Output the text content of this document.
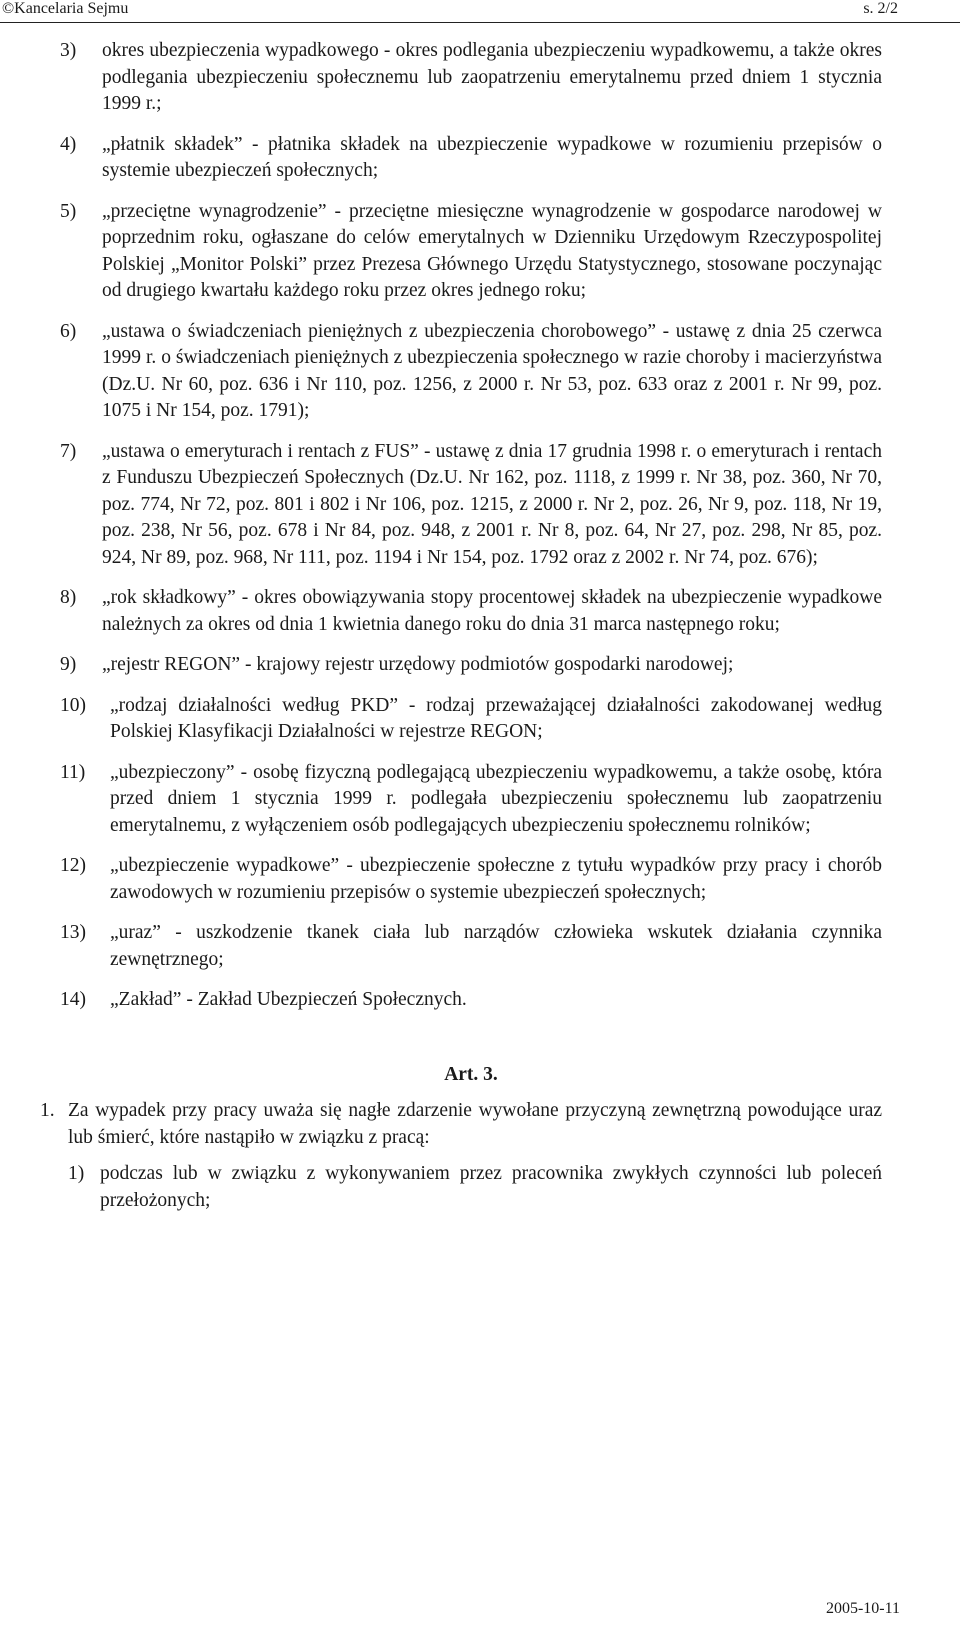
©Kancelaria Sejmu	s. 2/2
3) okres ubezpieczenia wypadkowego - okres podlegania ubezpieczeniu wypadkowemu, a także okres podlegania ubezpieczeniu społecznemu lub zaopatrzeniu emerytalnemu przed dniem 1 stycznia 1999 r.;
4) „płatnik składek” - płatnika składek na ubezpieczenie wypadkowe w rozumieniu przepisów o systemie ubezpieczeń społecznych;
5) „przeciętne wynagrodzenie” - przeciętne miesięczne wynagrodzenie w gospodarce narodowej w poprzednim roku, ogłaszane do celów emerytalnych w Dzienniku Urzędowym Rzeczypospolitej Polskiej „Monitor Polski” przez Prezesa Głównego Urzędu Statystycznego, stosowane poczynając od drugiego kwartału każdego roku przez okres jednego roku;
6) „ustawa o świadczeniach pieniężnych z ubezpieczenia chorobowego” - ustawę z dnia 25 czerwca 1999 r. o świadczeniach pieniężnych z ubezpieczenia społecznego w razie choroby i macierzyństwa (Dz.U. Nr 60, poz. 636 i Nr 110, poz. 1256, z 2000 r. Nr 53, poz. 633 oraz z 2001 r. Nr 99, poz. 1075 i Nr 154, poz. 1791);
7) „ustawa o emeryturach i rentach z FUS” - ustawę z dnia 17 grudnia 1998 r. o emeryturach i rentach z Funduszu Ubezpieczeń Społecznych (Dz.U. Nr 162, poz. 1118, z 1999 r. Nr 38, poz. 360, Nr 70, poz. 774, Nr 72, poz. 801 i 802 i Nr 106, poz. 1215, z 2000 r. Nr 2, poz. 26, Nr 9, poz. 118, Nr 19, poz. 238, Nr 56, poz. 678 i Nr 84, poz. 948, z 2001 r. Nr 8, poz. 64, Nr 27, poz. 298, Nr 85, poz. 924, Nr 89, poz. 968, Nr 111, poz. 1194 i Nr 154, poz. 1792 oraz z 2002 r. Nr 74, poz. 676);
8) „rok składkowy” - okres obowiązywania stopy procentowej składek na ubezpieczenie wypadkowe należnych za okres od dnia 1 kwietnia danego roku do dnia 31 marca następnego roku;
9) „rejestr REGON” - krajowy rejestr urzędowy podmiotów gospodarki narodowej;
10) „rodzaj działalności według PKD” - rodzaj przeważającej działalności zakodowanej według Polskiej Klasyfikacji Działalności w rejestrze REGON;
11) „ubezpieczony” - osobę fizyczną podlegającą ubezpieczeniu wypadkowemu, a także osobę, która przed dniem 1 stycznia 1999 r. podlegała ubezpieczeniu społecznemu lub zaopatrzeniu emerytalnemu, z wyłączeniem osób podlegających ubezpieczeniu społecznemu rolników;
12) „ubezpieczenie wypadkowe” - ubezpieczenie społeczne z tytułu wypadków przy pracy i chorób zawodowych w rozumieniu przepisów o systemie ubezpieczeń społecznych;
13) „uraz” - uszkodzenie tkanek ciała lub narządów człowieka wskutek działania czynnika zewnętrznego;
14) „Zakład” - Zakład Ubezpieczeń Społecznych.
Art. 3.
1. Za wypadek przy pracy uważa się nagłe zdarzenie wywołane przyczyną zewnętrzną powodujące uraz lub śmierć, które nastąpiło w związku z pracą:
1) podczas lub w związku z wykonywaniem przez pracownika zwykłych czynności lub poleceń przełożonych;
2005-10-11
